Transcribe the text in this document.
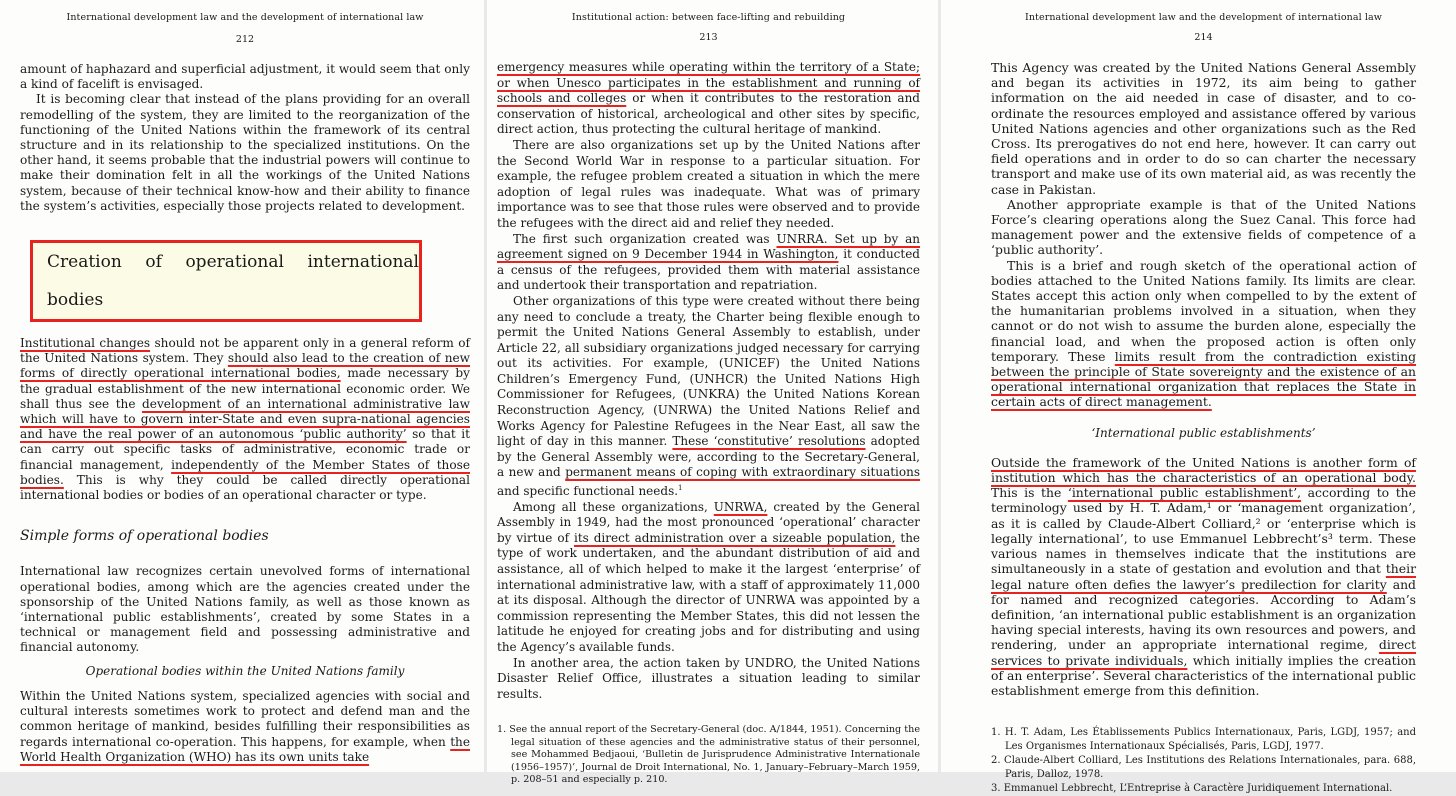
International development law and the development of international law
212

amount of haphazard and superficial adjustment, it would seem that only a kind of facelift is envisaged.

It is becoming clear that instead of the plans providing for an overall remodelling of the system, they are limited to the reorganization of the functioning of the United Nations within the framework of its central structure and in its relationship to the specialized institutions. On the other hand, it seems probable that the industrial powers will continue to make their domination felt in all the workings of the United Nations system, because of their technical know-how and their ability to finance the system’s activities, especially those projects related to development.

Creation of operational international bodies

Institutional changes should not be apparent only in a general reform of the United Nations system. They should also lead to the creation of new forms of directly operational international bodies, made necessary by the gradual establishment of the new international economic order. We shall thus see the development of an international administrative law which will have to govern inter-State and even supra-national agencies and have the real power of an autonomous ‘public authority’ so that it can carry out specific tasks of administrative, economic trade or financial management, independently of the Member States of those bodies. This is why they could be called directly operational international bodies or bodies of an operational character or type.

Simple forms of operational bodies

International law recognizes certain unevolved forms of international operational bodies, among which are the agencies created under the sponsorship of the United Nations family, as well as those known as ‘international public establishments’, created by some States in a technical or management field and possessing administrative and financial autonomy.

Operational bodies within the United Nations family

Within the United Nations system, specialized agencies with social and cultural interests sometimes work to protect and defend man and the common heritage of mankind, besides fulfilling their responsibilities as regards international co-operation. This happens, for example, when the World Health Organization (WHO) has its own units take

Institutional action: between face-lifting and rebuilding
213

emergency measures while operating within the territory of a State; or when Unesco participates in the establishment and running of schools and colleges or when it contributes to the restoration and conservation of historical, archeological and other sites by specific, direct action, thus protecting the cultural heritage of mankind.

There are also organizations set up by the United Nations after the Second World War in response to a particular situation. For example, the refugee problem created a situation in which the mere adoption of legal rules was inadequate. What was of primary importance was to see that those rules were observed and to provide the refugees with the direct aid and relief they needed.

The first such organization created was UNRRA. Set up by an agreement signed on 9 December 1944 in Washington, it conducted a census of the refugees, provided them with material assistance and undertook their transportation and repatriation.

Other organizations of this type were created without there being any need to conclude a treaty, the Charter being flexible enough to permit the United Nations General Assembly to establish, under Article 22, all subsidiary organizations judged necessary for carrying out its activities. For example, (UNICEF) the United Nations Children’s Emergency Fund, (UNHCR) the United Nations High Commissioner for Refugees, (UNKRA) the United Nations Korean Reconstruction Agency, (UNRWA) the United Nations Relief and Works Agency for Palestine Refugees in the Near East, all saw the light of day in this manner. These ‘constitutive’ resolutions adopted by the General Assembly were, according to the Secretary-General, a new and permanent means of coping with extraordinary situations and specific functional needs.$^1$

Among all these organizations, UNRWA, created by the General Assembly in 1949, had the most pronounced ‘operational’ character by virtue of its direct administration over a sizeable population, the type of work undertaken, and the abundant distribution of aid and assistance, all of which helped to make it the largest ‘enterprise’ of international administrative law, with a staff of approximately 11,000 at its disposal. Although the director of UNRWA was appointed by a commission representing the Member States, this did not lessen the latitude he enjoyed for creating jobs and for distributing and using the Agency’s available funds.

In another area, the action taken by UNDRO, the United Nations Disaster Relief Office, illustrates a situation leading to similar results.

1. See the annual report of the Secretary-General (doc. A/1844, 1951). Concerning the legal situation of these agencies and the administrative status of their personnel, see Mohammed Bedjaoui, ‘Bulletin de Jurisprudence Administrative Internationale (1956–1957)’, Journal de Droit International, No. 1, January–February–March 1959, p. 208–51 and especially p. 210.

International development law and the development of international law
214

This Agency was created by the United Nations General Assembly and began its activities in 1972, its aim being to gather information on the aid needed in case of disaster, and to co-ordinate the resources employed and assistance offered by various United Nations agencies and other organizations such as the Red Cross. Its prerogatives do not end here, however. It can carry out field operations and in order to do so can charter the necessary transport and make use of its own material aid, as was recently the case in Pakistan.

Another appropriate example is that of the United Nations Force’s clearing operations along the Suez Canal. This force had management power and the extensive fields of competence of a ‘public authority’.

This is a brief and rough sketch of the operational action of bodies attached to the United Nations family. Its limits are clear. States accept this action only when compelled to by the extent of the humanitarian problems involved in a situation, when they cannot or do not wish to assume the burden alone, especially the financial load, and when the proposed action is often only temporary. These limits result from the contradiction existing between the principle of State sovereignty and the existence of an operational international organization that replaces the State in certain acts of direct management.

‘International public establishments’

Outside the framework of the United Nations is another form of institution which has the characteristics of an operational body. This is the ‘international public establishment’, according to the terminology used by H. T. Adam,¹ or ‘management organization’, as it is called by Claude-Albert Colliard,² or ‘enterprise which is legally international’, to use Emmanuel Lebbrecht’s³ term. These various names in themselves indicate that the institutions are simultaneously in a state of gestation and evolution and that their legal nature often defies the lawyer’s predilection for clarity and for named and recognized categories. According to Adam’s definition, ‘an international public establishment is an organization having special interests, having its own resources and powers, and rendering, under an appropriate international regime, direct services to private individuals, which initially implies the creation of an enterprise’. Several characteristics of the international public establishment emerge from this definition.

1. H. T. Adam, Les Établissements Publics Internationaux, Paris, LGDJ, 1957; and Les Organismes Internationaux Spécialisés, Paris, LGDJ, 1977.

2. Claude-Albert Colliard, Les Institutions des Relations Internationales, para. 688, Paris, Dalloz, 1978.

3. Emmanuel Lebbrecht, L’Entreprise à Caractère Juridiquement International.
